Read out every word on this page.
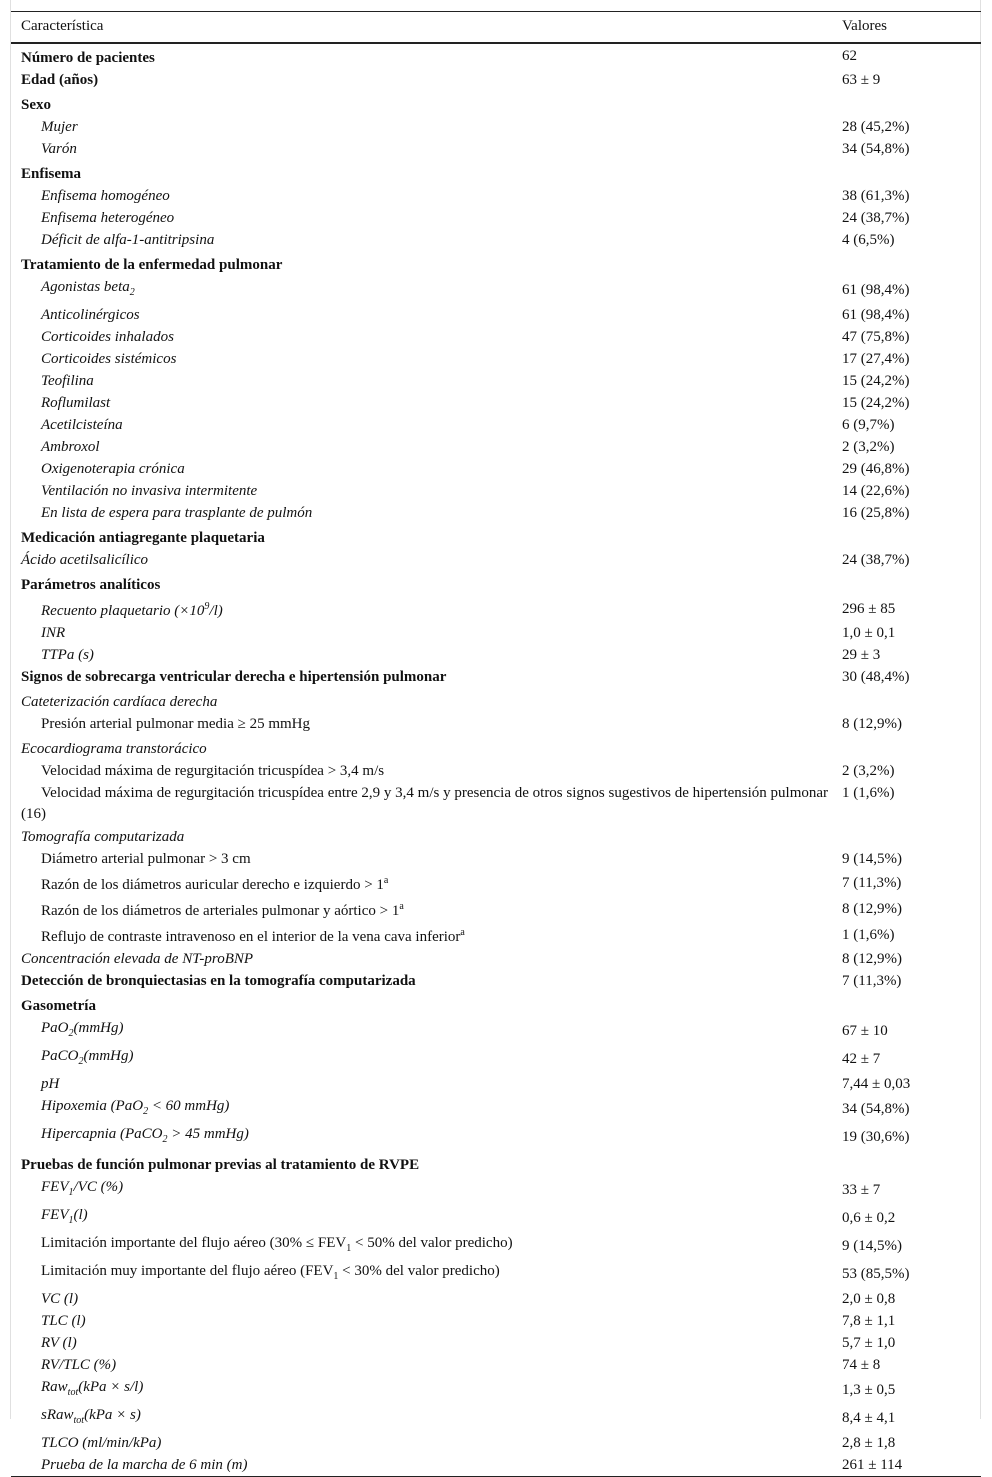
Característica	Valores
Número de pacientes	62
Edad (años)	63 ± 9
Sexo	
Mujer	28 (45,2%)
Varón	34 (54,8%)
Enfisema	
Enfisema homogéneo	38 (61,3%)
Enfisema heterogéneo	24 (38,7%)
Déficit de alfa-1-antitripsina	4 (6,5%)
Tratamiento de la enfermedad pulmonar	
Agonistas beta$_2$	61 (98,4%)
Anticolinérgicos	61 (98,4%)
Corticoides inhalados	47 (75,8%)
Corticoides sistémicos	17 (27,4%)
Teofilina	15 (24,2%)
Roflumilast	15 (24,2%)
Acetilcisteína	6 (9,7%)
Ambroxol	2 (3,2%)
Oxigenoterapia crónica	29 (46,8%)
Ventilación no invasiva intermitente	14 (22,6%)
En lista de espera para trasplante de pulmón	16 (25,8%)
Medicación antiagregante plaquetaria	
Ácido acetilsalicílico	24 (38,7%)
Parámetros analíticos	
Recuento plaquetario $(\times 10^9/l)$	296 ± 85
INR	1,0 ± 0,1
TTPa (s)	29 ± 3
Signos de sobrecarga ventricular derecha e hipertensión pulmonar	30 (48,4%)
Cateterización cardíaca derecha	
Presión arterial pulmonar media ≥ 25 mmHg	8 (12,9%)
Ecocardiograma transtorácico	
Velocidad máxima de regurgitación tricuspídea > 3,4 m/s	2 (3,2%)
Velocidad máxima de regurgitación tricuspídea entre 2,9 y 3,4 m/s y presencia de otros signos sugestivos de hipertensión pulmonar (16)	1 (1,6%)
Tomografía computarizada	
Diámetro arterial pulmonar > 3 cm	9 (14,5%)
Razón de los diámetros auricular derecho e izquierdo > $1^a$	7 (11,3%)
Razón de los diámetros de arteriales pulmonar y aórtico > $1^a$	8 (12,9%)
Reflujo de contraste intravenoso en el interior de la vena cava inferior$^a$	1 (1,6%)
Concentración elevada de NT-proBNP	8 (12,9%)
Detección de bronquiectasias en la tomografía computarizada	7 (11,3%)
Gasometría	
PaO$_2$(mmHg)	67 ± 10
PaCO$_2$(mmHg)	42 ± 7
pH	7,44 ± 0,03
Hipoxemia (PaO$_2$ < 60 mmHg)	34 (54,8%)
Hipercapnia (PaCO$_2$ > 45 mmHg)	19 (30,6%)
Pruebas de función pulmonar previas al tratamiento de RVPE	
$FEV_1/VC$ (%)	33 ± 7
$FEV_1(l)$	0,6 ± 0,2
Limitación importante del flujo aéreo ($30\% \le FEV_1 < 50\%$ del valor predicho)	9 (14,5%)
Limitación muy importante del flujo aéreo ($FEV_1 < 30\%$ del valor predicho)	53 (85,5%)
VC (l)	2,0 ± 0,8
TLC (l)	7,8 ± 1,1
RV (l)	5,7 ± 1,0
RV/TLC (%)	74 ± 8
Raw$_{tot}$(kPa × s/l)	1,3 ± 0,5
sRaw$_{tot}$(kPa × s)	8,4 ± 4,1
TLCO (ml/min/kPa)	2,8 ± 1,8
Prueba de la marcha de 6 min (m)	261 ± 114
